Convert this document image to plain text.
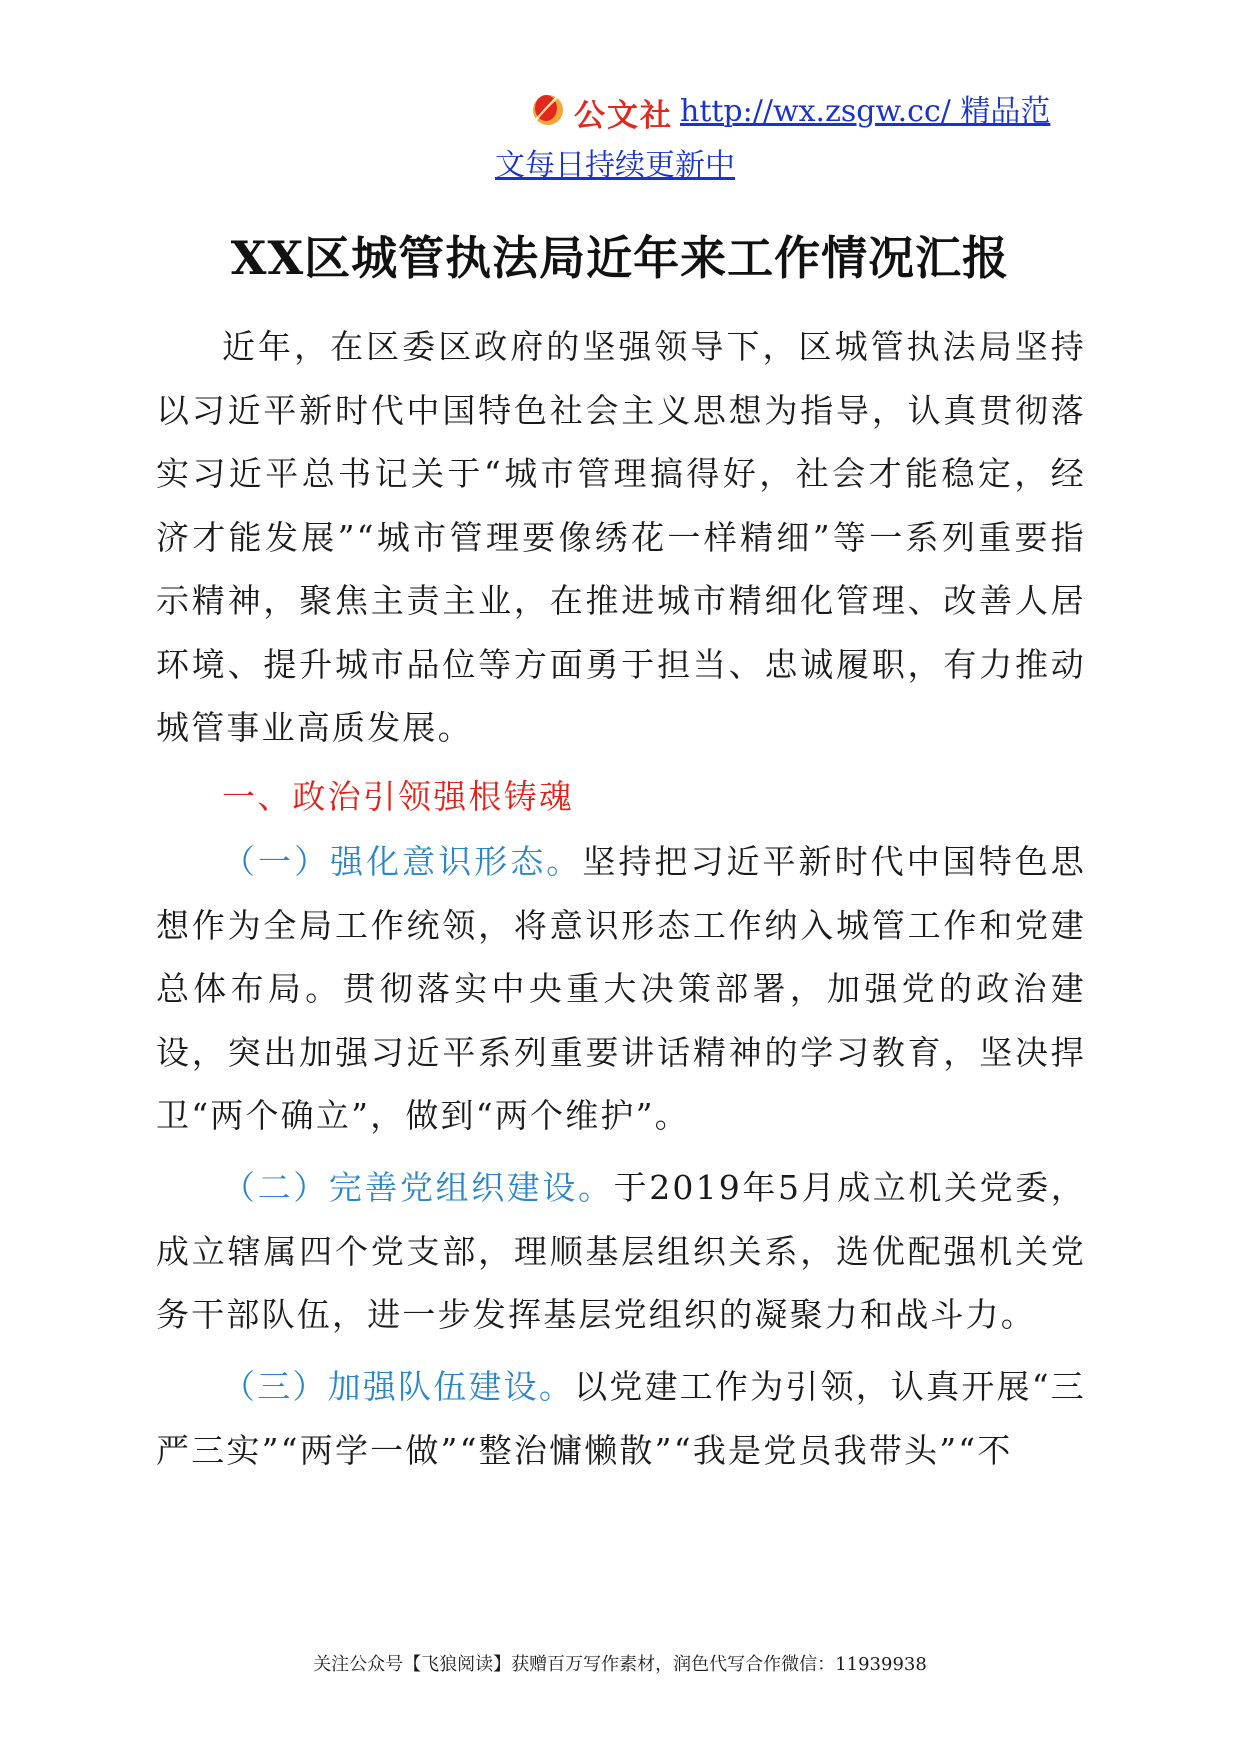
公文社 http://wx.zsgw.cc/ 精品范
文每日持续更新中
XX区城管执法局近年来工作情况汇报

近年，在区委区政府的坚强领导下，区城管执法局坚持以习近平新时代中国特色社会主义思想为指导，认真贯彻落实习近平总书记关于“城市管理搞得好，社会才能稳定，经济才能发展”“城市管理要像绣花一样精细”等一系列重要指示精神，聚焦主责主业，在推进城市精细化管理、改善人居环境、提升城市品位等方面勇于担当、忠诚履职，有力推动城管事业高质发展。

一、政治引领强根铸魂

（一）强化意识形态。坚持把习近平新时代中国特色思想作为全局工作统领，将意识形态工作纳入城管工作和党建总体布局。贯彻落实中央重大决策部署，加强党的政治建设，突出加强习近平系列重要讲话精神的学习教育，坚决捍卫“两个确立”，做到“两个维护”。

（二）完善党组织建设。于2019年5月成立机关党委，成立辖属四个党支部，理顺基层组织关系，选优配强机关党务干部队伍，进一步发挥基层党组织的凝聚力和战斗力。

（三）加强队伍建设。以党建工作为引领，认真开展“三严三实”“两学一做”“整治慵懒散”“我是党员我带头”“不

关注公众号【飞狼阅读】获赠百万写作素材，润色代写合作微信：11939938
